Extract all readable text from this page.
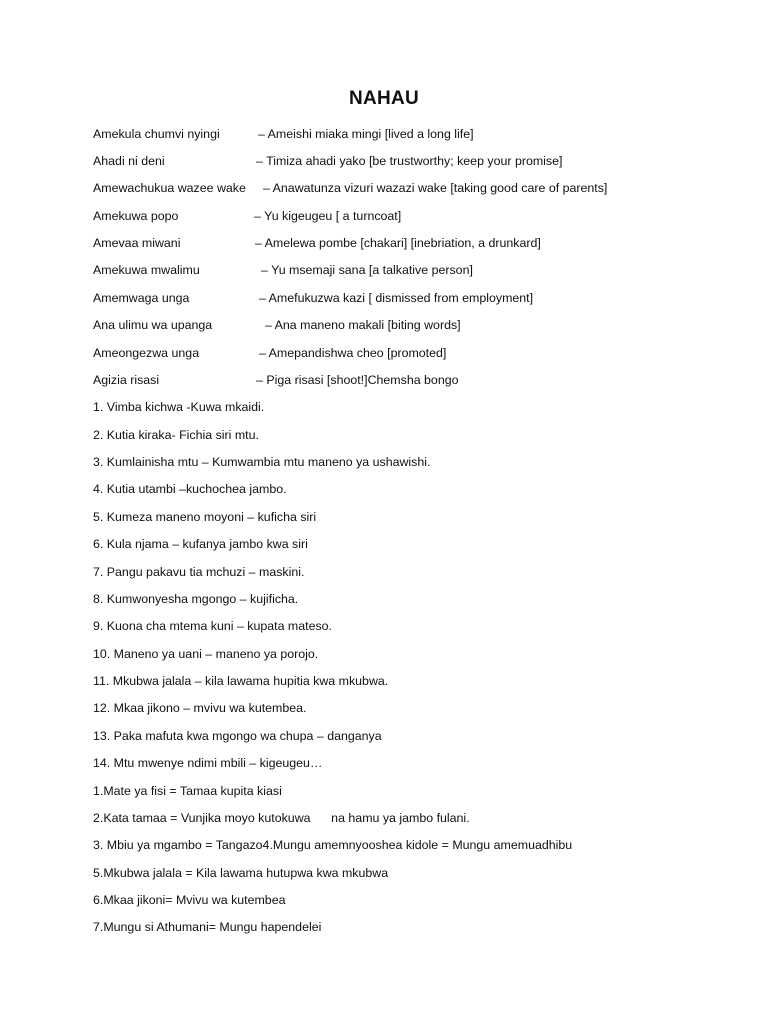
NAHAU
Amekula chumvi nyingi	– Ameishi miaka mingi [lived a long life]
Ahadi ni deni	– Timiza ahadi yako [be trustworthy; keep your promise]
Amewachukua wazee wake – Anawatunza vizuri wazazi wake [taking good care of parents]
Amekuwa popo	– Yu kigeugeu [ a turncoat]
Amevaa miwani	– Amelewa pombe [chakari] [inebriation, a drunkard]
Amekuwa mwalimu	– Yu msemaji sana [a talkative person]
Amemwaga unga	– Amefukuzwa kazi [ dismissed from employment]
Ana ulimu wa upanga	– Ana maneno makali [biting words]
Ameongezwa unga	– Amepandishwa cheo [promoted]
Agizia risasi	– Piga risasi [shoot!]Chemsha bongo
1. Vimba kichwa -Kuwa mkaidi.
2. Kutia kiraka- Fichia siri mtu.
3. Kumlainisha mtu – Kumwambia mtu maneno ya ushawishi.
4. Kutia utambi –kuchochea jambo.
5. Kumeza maneno moyoni – kuficha siri
6. Kula njama – kufanya jambo kwa siri
7. Pangu pakavu tia mchuzi – maskini.
8. Kumwonyesha mgongo – kujificha.
9. Kuona cha mtema kuni – kupata mateso.
10. Maneno ya uani – maneno ya porojo.
11. Mkubwa jalala – kila lawama hupitia kwa mkubwa.
12. Mkaa jikono – mvivu wa kutembea.
13. Paka mafuta kwa mgongo wa chupa – danganya
14. Mtu mwenye ndimi mbili – kigeugeu…
1.Mate ya fisi = Tamaa kupita kiasi
2.Kata tamaa = Vunjika moyo kutokuwa      na hamu ya jambo fulani.
3. Mbiu ya mgambo = Tangazo4.Mungu amemnyooshea kidole = Mungu amemuadhibu
5.Mkubwa jalala = Kila lawama hutupwa kwa mkubwa
6.Mkaa jikoni= Mvivu wa kutembea
7.Mungu si Athumani= Mungu hapendelei
